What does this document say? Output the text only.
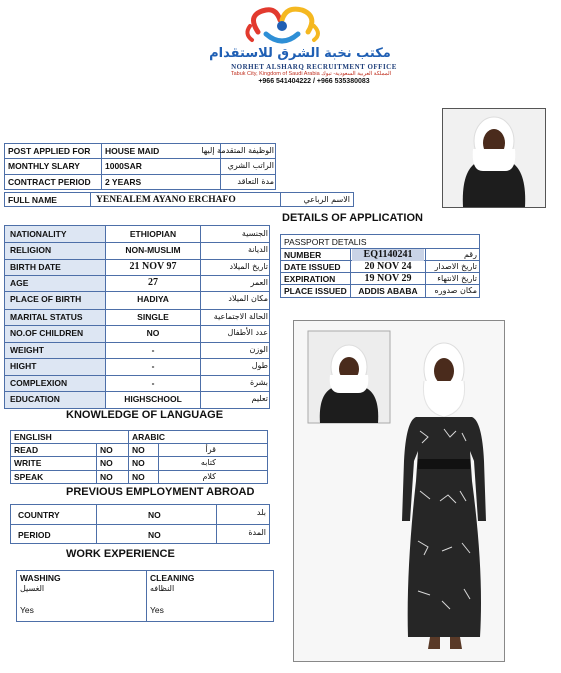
مكتب نخبة الشرق للاستقدام
NORHET ALSHARQ RECRUITMENT OFFICE
Tabuk City, Kingdom of Saudi Arabia المملكة العربية السعودية- تبوك
+966 541404222 / +966 535380083
POST APPLIED FOR HOUSE MAID	الوظيفة المتقدمة إليها
MONTHLY SLARY	1000SAR	الراتب الشري
CONTRACT PERIOD 2 YEARS	مدة التعاقد
FULL NAME	YENEALEM AYANO ERCHAFO	الاسم الرباعي
DETAILS OF APPLICATION
PASSPORT DETALIS
KNOWLEDGE OF LANGUAGE
ENGLISH	ARABIC
PREVIOUS EMPLOYMENT ABROAD
COUNTRY	NO	بلد
PERIOD	NO	المدة
WORK EXPERIENCE
NATIONALITY	ETHIOPIAN	الجنسية
RELIGION	NON-MUSLIM	الديانة
BIRTH DATE	21 NOV 97	تاريخ الميلاد
AGE	27	العمر
PLACE OF BIRTH	HADIYA	مكان الميلاد
MARITAL STATUS	SINGLE	الحالة الاجتماعية
NO.OF CHILDREN	NO	عدد الأطفال
WEIGHT	-	الوزن
HIGHT	-	طول
COMPLEXION	-	بشرة
EDUCATION	HIGHSCHOOL	تعليم
NUMBER	EQ1140241	رقم
DATE ISSUED	20 NOV 24	تاريخ الاصدار
EXPIRATION	19 NOV 29	تاريخ الانتهاء
PLACE ISSUED	ADDIS ABABA	مكان صدوره
READ	NO NO	قرأ
WRITE	NO NO	كتابه
SPEAK	NO NO	كلام
WASHING
الغسيل
Yes
CLEANING
النظافه
Yes
